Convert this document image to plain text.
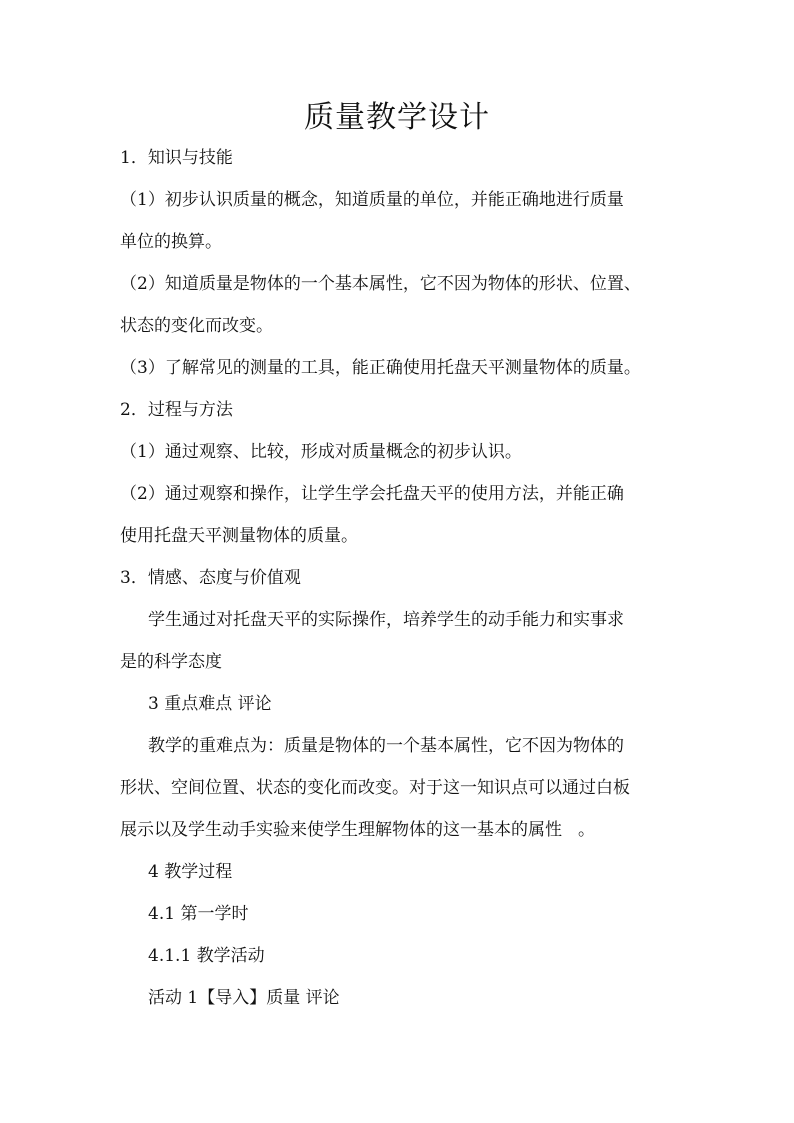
质量教学设计
1．知识与技能
（1）初步认识质量的概念，知道质量的单位，并能正确地进行质量
单位的换算。
（2）知道质量是物体的一个基本属性，它不因为物体的形状、位置、
状态的变化而改变。
（3）了解常见的测量的工具，能正确使用托盘天平测量物体的质量。
2．过程与方法
（1）通过观察、比较，形成对质量概念的初步认识。
（2）通过观察和操作，让学生学会托盘天平的使用方法，并能正确
使用托盘天平测量物体的质量。
3．情感、态度与价值观
学生通过对托盘天平的实际操作，培养学生的动手能力和实事求
是的科学态度
3 重点难点 评论
教学的重难点为：质量是物体的一个基本属性，它不因为物体的
形状、空间位置、状态的变化而改变。对于这一知识点可以通过白板
展示以及学生动手实验来使学生理解物体的这一基本的属性 。
4 教学过程
4.1 第一学时
4.1.1 教学活动
活动 1【导入】质量 评论
